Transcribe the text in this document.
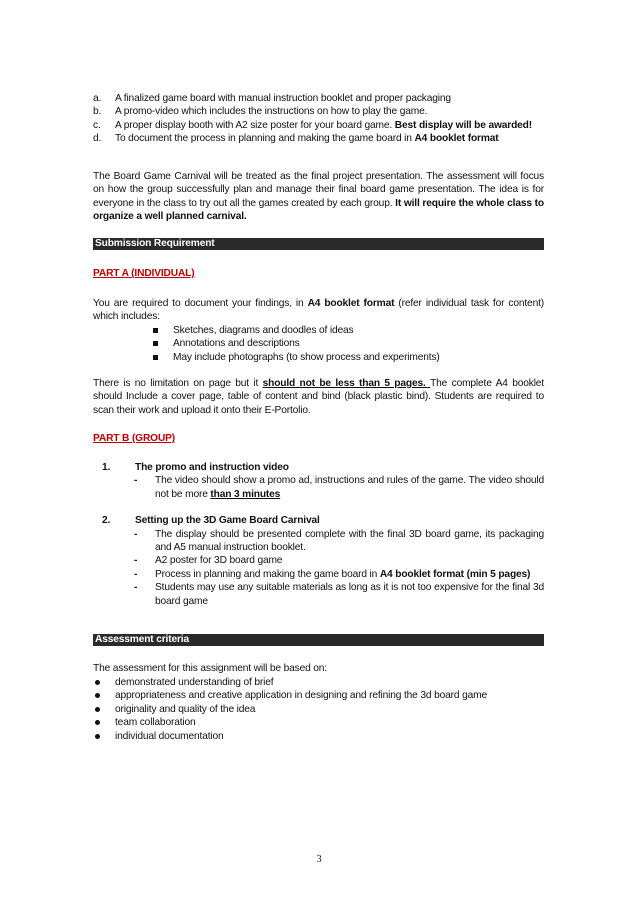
a. A finalized game board with manual instruction booklet and proper packaging
b. A promo-video which includes the instructions on how to play the game.
c. A proper display booth with A2 size poster for your board game. Best display will be awarded!
d. To document the process in planning and making the game board in A4 booklet format
The Board Game Carnival will be treated as the final project presentation. The assessment will focus on how the group successfully plan and manage their final board game presentation. The idea is for everyone in the class to try out all the games created by each group. It will require the whole class to organize a well planned carnival.
Submission Requirement
PART A (INDIVIDUAL)
You are required to document your findings, in A4 booklet format (refer individual task for content) which includes:
Sketches, diagrams and doodles of ideas
Annotations and descriptions
May include photographs (to show process and experiments)
There is no limitation on page but it should not be less than 5 pages. The complete A4 booklet should Include a cover page, table of content and bind (black plastic bind). Students are required to scan their work and upload it onto their E-Portolio.
PART B (GROUP)
1.	The promo and instruction video
- The video should show a promo ad, instructions and rules of the game. The video should not be more than 3 minutes
2.	Setting up the 3D Game Board Carnival
- The display should be presented complete with the final 3D board game, its packaging and A5 manual instruction booklet.
- A2 poster for 3D board game
- Process in planning and making the game board in A4 booklet format (min 5 pages)
- Students may use any suitable materials as long as it is not too expensive for the final 3d board game
Assessment criteria
The assessment for this assignment will be based on:
demonstrated understanding of brief
appropriateness and creative application in designing and refining the 3d board game
originality and quality of the idea
team collaboration
individual documentation
3
